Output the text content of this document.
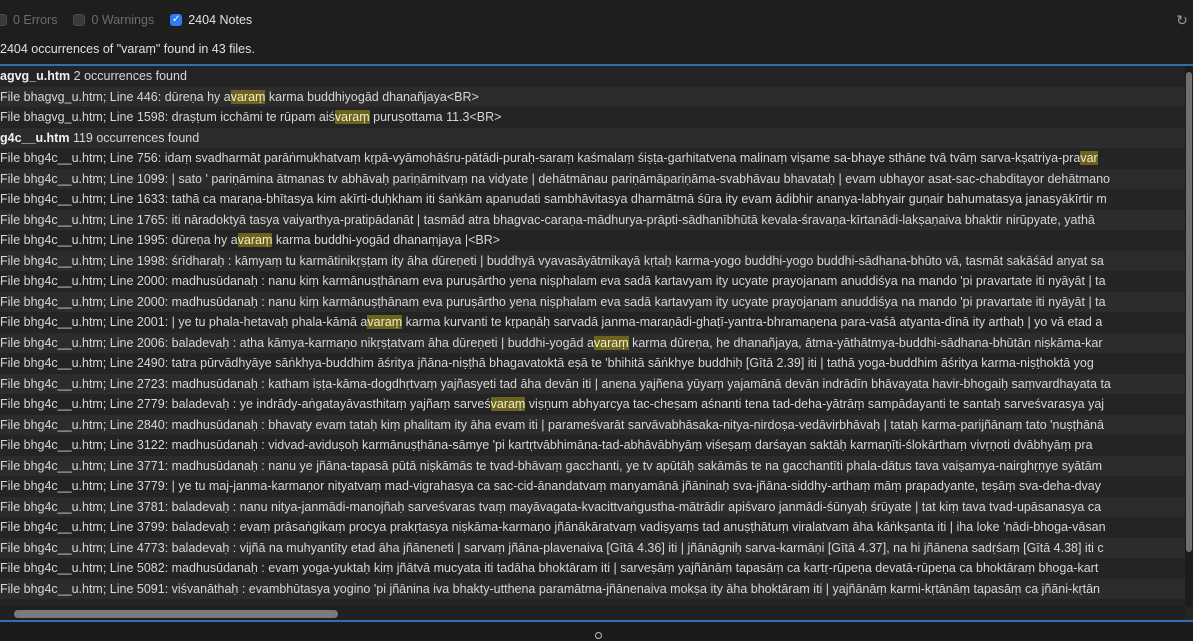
0 Errors	0 Warnings ✓ 2404 Notes	↻
2404 occurrences of "varaṃ" found in 43 files.
agvg_u.htm 2 occurrences found
File bhagvg_u.htm; Line 446: dūreṇa hy avaraṃ karma buddhiyogād dhanañjaya<BR>
File bhagvg_u.htm; Line 1598: draṣṭum icchāmi te rūpam aiśvaraṃ puruṣottama 11.3<BR>
g4c__u.htm 119 occurrences found
File bhg4c__u.htm; Line 756: idaṃ svadharmāt parāṅmukhatvaṃ kṛpā-vyāmohāśru-pātādi-puraḥ-saraṃ kaśmalaṃ śiṣṭa-garhitatvena malinaṃ viṣame sa-bhaye sthāne tvā tvāṃ sarva-kṣatriya-pravar
File bhg4c__u.htm; Line 1099: | sato ' pariṇāmina ātmanas tv abhāvaḥ pariṇāmitvaṃ na vidyate | dehātmānau pariṇāmāpariṇāma-svabhāvau bhavataḥ | evam ubhayor asat-sac-chabditayor dehātmano
File bhg4c__u.htm; Line 1633: tathā ca maraṇa-bhītasya kim akīrti-duḥkham iti śaṅkām apanudati sambhāvitasya dharmātmā śūra ity evam ādibhir ananya-labhyair guṇair bahumatasya janasyākīrtir m
File bhg4c__u.htm; Line 1765: iti nāradoktyā tasya vaiyarthya-pratipādanāt | tasmād atra bhagvac-caraṇa-mādhurya-prāpti-sādhanībhūtā kevala-śravaṇa-kīrtanādi-lakṣaṇaiva bhaktir nirūpyate, yathā
File bhg4c__u.htm; Line 1995: dūreṇa hy avaraṃ karma buddhi-yogād dhanaṃjaya |<BR>
File bhg4c__u.htm; Line 1998: śrīdharaḥ : kāmyaṃ tu karmātinikṛṣṭam ity āha dūreṇeti | buddhyā vyavasāyātmikayā kṛtaḥ karma-yogo buddhi-yogo buddhi-sādhana-bhūto vā, tasmāt sakāśād anyat sa
File bhg4c__u.htm; Line 2000: madhusūdanaḥ : nanu kiṃ karmānuṣṭhānam eva puruṣārtho yena niṣphalam eva sadā kartavyam ity ucyate prayojanam anuddiśya na mando 'pi pravartate iti nyāyāt | ta
File bhg4c__u.htm; Line 2000: madhusūdanaḥ : nanu kiṃ karmānuṣṭhānam eva puruṣārtho yena niṣphalam eva sadā kartavyam ity ucyate prayojanam anuddiśya na mando 'pi pravartate iti nyāyāt | ta
File bhg4c__u.htm; Line 2001: | ye tu phala-hetavaḥ phala-kāmā avaraṃ karma kurvanti te kṛpaṇāḥ sarvadā janma-maraṇādi-ghaṭī-yantra-bhramaṇena para-vaśā atyanta-dīnā ity arthaḥ | yo vā etad a
File bhg4c__u.htm; Line 2006: baladevaḥ : atha kāmya-karmaṇo nikṛṣṭatvam āha dūreṇeti | buddhi-yogād avaraṃ karma dūreṇa, he dhanañjaya, ātma-yāthātmya-buddhi-sādhana-bhūtān niṣkāma-kar
File bhg4c__u.htm; Line 2490: tatra pūrvādhyāye sāṅkhya-buddhim āśritya jñāna-niṣṭhā bhagavatoktā eṣā te 'bhihitā sāṅkhye buddhiḥ [Gītā 2.39] iti | tathā yoga-buddhim āśritya karma-niṣṭhoktā yog
File bhg4c__u.htm; Line 2723: madhusūdanaḥ : katham iṣṭa-kāma-dogdhṛtvaṃ yajñasyeti tad āha devān iti | anena yajñena yūyaṃ yajamānā devān indrādīn bhāvayata havir-bhogaiḥ saṃvardhayata ta
File bhg4c__u.htm; Line 2779: baladevaḥ : ye indrādy-aṅgatayāvasthitaṃ yajñaṃ sarveśvaraṃ viṣṇum abhyarcya tac-cheṣam aśnanti tena tad-deha-yātrāṃ sampādayanti te santaḥ sarveśvarasya yaj
File bhg4c__u.htm; Line 2840: madhusūdanaḥ : bhavaty evam tataḥ kiṃ phalitam ity āha evam iti | parameśvarāt sarvāvabhāsaka-nitya-nirdoṣa-vedāvirbhāvaḥ | tataḥ karma-parijñānaṃ tato 'nuṣṭhānā
File bhg4c__u.htm; Line 3122: madhusūdanaḥ : vidvad-aviduṣoḥ karmānuṣṭhāna-sāmye 'pi kartṛtvābhimāna-tad-abhāvābhyāṃ viśeṣaṃ darśayan saktāḥ karmaṇīti-ślokārthaṃ vivṛṇoti dvābhyāṃ pra
File bhg4c__u.htm; Line 3771: madhusūdanaḥ : nanu ye jñāna-tapasā pūtā niṣkāmās te tvad-bhāvaṃ gacchanti, ye tv apūtāḥ sakāmās te na gacchantīti phala-dātus tava vaiṣamya-nairghṛṇye syātām
File bhg4c__u.htm; Line 3779: | ye tu maj-janma-karmaṇor nityatvaṃ mad-vigrahasya ca sac-cid-ānandatvaṃ manyamānā jñāninaḥ sva-jñāna-siddhy-arthaṃ māṃ prapadyante, teṣāṃ sva-deha-dvay
File bhg4c__u.htm; Line 3781: baladevaḥ : nanu nitya-janmādi-manojñaḥ sarveśvaras tvaṃ mayāvagata-kvacittvaṅgustha-mātrādir apiśvaro janmādi-śūnyaḥ śrūyate | tat kiṃ tava tvad-upāsanasya ca
File bhg4c__u.htm; Line 3799: baladevaḥ : evaṃ prāsaṅgikaṃ procya prakṛtasya niṣkāma-karmaṇo jñānākāratvaṃ vadiṣyaṃs tad anuṣṭhātuṃ viralatvam āha kāṅkṣanta iti | iha loke 'nādi-bhoga-vāsan
File bhg4c__u.htm; Line 4773: baladevaḥ : vijñā na muhyantīty etad āha jñāneneti | sarvaṃ jñāna-plavenaiva [Gītā 4.36] iti | jñānāgniḥ sarva-karmāṇi [Gītā 4.37], na hi jñānena sadṛśaṃ [Gītā 4.38] iti c
File bhg4c__u.htm; Line 5082: madhusūdanaḥ : evaṃ yoga-yuktaḥ kiṃ jñātvā mucyata iti tadāha bhoktāram iti | sarveṣāṃ yajñānāṃ tapasāṃ ca kartṛ-rūpeṇa devatā-rūpeṇa ca bhoktāraṃ bhoga-kart
File bhg4c__u.htm; Line 5091: viśvanāthaḥ : evambhūtasya yogino 'pi jñānina iva bhakty-utthena paramātma-jñānenaiva mokṣa ity āha bhoktāram iti | yajñānāṃ karmi-kṛtānāṃ tapasāṃ ca jñāni-kṛtān
